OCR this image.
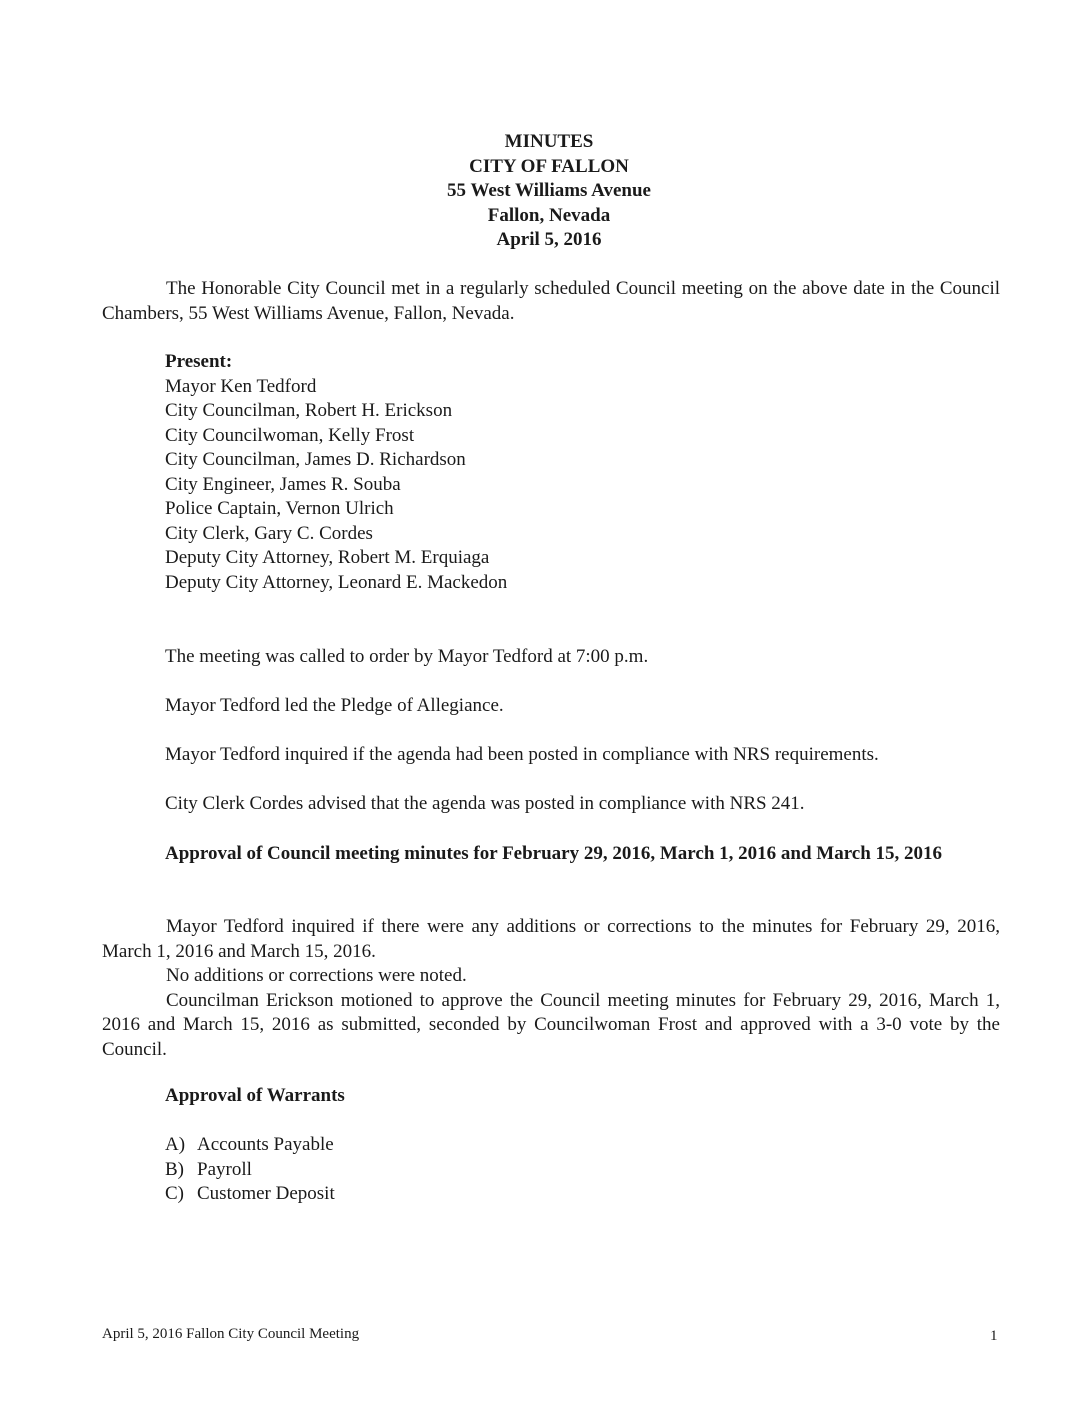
MINUTES
CITY OF FALLON
55 West Williams Avenue
Fallon, Nevada
April 5, 2016

The Honorable City Council met in a regularly scheduled Council meeting on the above date in the Council Chambers, 55 West Williams Avenue, Fallon, Nevada.

Present:
Mayor Ken Tedford
City Councilman, Robert H. Erickson
City Councilwoman, Kelly Frost
City Councilman, James D. Richardson
City Engineer, James R. Souba
Police Captain, Vernon Ulrich
City Clerk, Gary C. Cordes
Deputy City Attorney, Robert M. Erquiaga
Deputy City Attorney, Leonard E. Mackedon

The meeting was called to order by Mayor Tedford at 7:00 p.m.

Mayor Tedford led the Pledge of Allegiance.

Mayor Tedford inquired if the agenda had been posted in compliance with NRS requirements.

City Clerk Cordes advised that the agenda was posted in compliance with NRS 241.

Approval of Council meeting minutes for February 29, 2016, March 1, 2016 and March 15, 2016

Mayor Tedford inquired if there were any additions or corrections to the minutes for February 29, 2016, March 1, 2016 and March 15, 2016.

No additions or corrections were noted.

Councilman Erickson motioned to approve the Council meeting minutes for February 29, 2016, March 1, 2016 and March 15, 2016 as submitted, seconded by Councilwoman Frost and approved with a 3-0 vote by the Council.

Approval of Warrants

A) Accounts Payable
B) Payroll
C) Customer Deposit
April 5, 2016 Fallon City Council Meeting	1
